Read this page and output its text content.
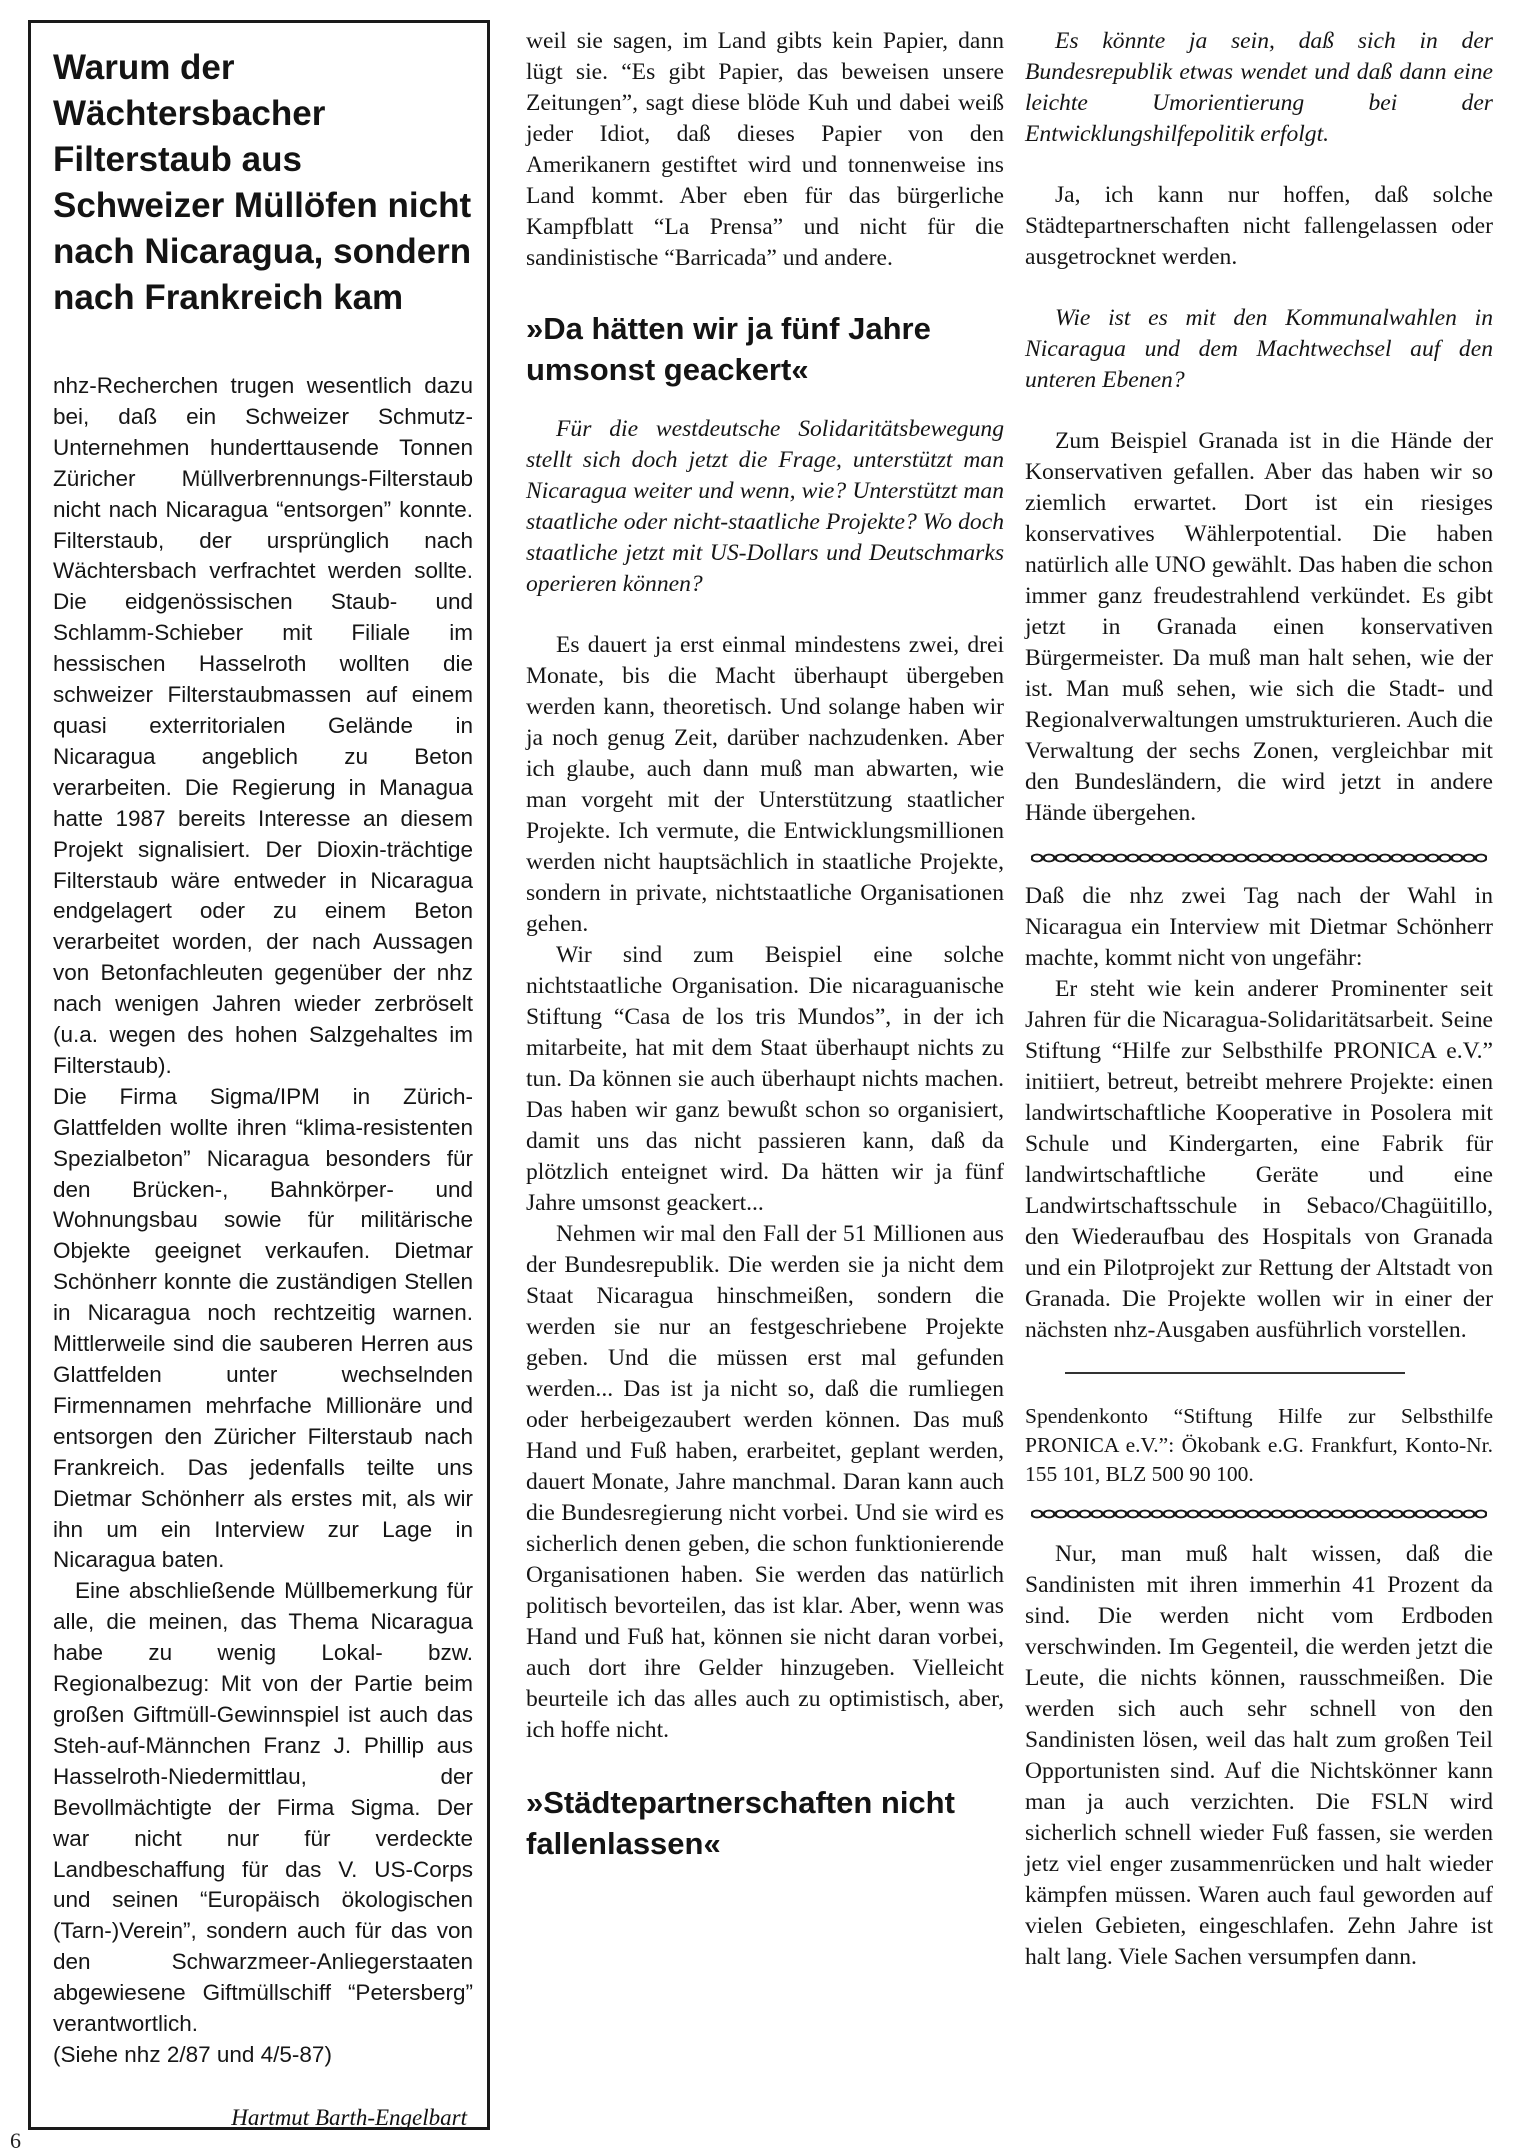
Warum der Wächtersbacher Filterstaub aus Schweizer Müllöfen nicht nach Nicaragua, sondern nach Frankreich kam

nhz-Recherchen trugen wesentlich dazu bei, daß ein Schweizer Schmutz-Unternehmen hunderttausende Tonnen Züricher Müllverbrennungs-Filterstaub nicht nach Nicaragua “entsorgen” konnte. Filterstaub, der ursprünglich nach Wächtersbach verfrachtet werden sollte. Die eidgenössischen Staub- und Schlamm-Schieber mit Filiale im hessischen Hasselroth wollten die schweizer Filterstaubmassen auf einem quasi exterritorialen Gelände in Nicaragua angeblich zu Beton verarbeiten. Die Regierung in Managua hatte 1987 bereits Interesse an diesem Projekt signalisiert. Der Dioxin-trächtige Filterstaub wäre entweder in Nicaragua endgelagert oder zu einem Beton verarbeitet worden, der nach Aussagen von Betonfachleuten gegenüber der nhz nach wenigen Jahren wieder zerbröselt (u.a. wegen des hohen Salzgehaltes im Filterstaub).

Die Firma Sigma/IPM in Zürich-Glattfelden wollte ihren “klima-resistenten Spezialbeton” Nicaragua besonders für den Brücken-, Bahnkörper- und Wohnungsbau sowie für militärische Objekte geeignet verkaufen. Dietmar Schönherr konnte die zuständigen Stellen in Nicaragua noch rechtzeitig warnen. Mittlerweile sind die sauberen Herren aus Glattfelden unter wechselnden Firmennamen mehrfache Millionäre und entsorgen den Züricher Filterstaub nach Frankreich. Das jedenfalls teilte uns Dietmar Schönherr als erstes mit, als wir ihn um ein Interview zur Lage in Nicaragua baten.

Eine abschließende Müllbemerkung für alle, die meinen, das Thema Nicaragua habe zu wenig Lokal- bzw. Regionalbezug: Mit von der Partie beim großen Giftmüll-Gewinnspiel ist auch das Steh-auf-Männchen Franz J. Phillip aus Hasselroth-Niedermittlau, der Bevollmächtigte der Firma Sigma. Der war nicht nur für verdeckte Landbeschaffung für das V. US-Corps und seinen “Europäisch ökologischen (Tarn-)Verein”, sondern auch für das von den Schwarzmeer-Anliegerstaaten abgewiesene Giftmüllschiff “Petersberg” verantwortlich.

(Siehe nhz 2/87 und 4/5-87)

Hartmut Barth-Engelbart

weil sie sagen, im Land gibts kein Papier, dann lügt sie. “Es gibt Papier, das beweisen unsere Zeitungen”, sagt diese blöde Kuh und dabei weiß jeder Idiot, daß dieses Papier von den Amerikanern gestiftet wird und tonnenweise ins Land kommt. Aber eben für das bürgerliche Kampfblatt “La Prensa” und nicht für die sandinistische “Barricada” und andere.

»Da hätten wir ja fünf Jahre umsonst geackert«

Für die westdeutsche Solidaritätsbewegung stellt sich doch jetzt die Frage, unterstützt man Nicaragua weiter und wenn, wie? Unterstützt man staatliche oder nicht-staatliche Projekte? Wo doch staatliche jetzt mit US-Dollars und Deutschmarks operieren können?

Es dauert ja erst einmal mindestens zwei, drei Monate, bis die Macht überhaupt übergeben werden kann, theoretisch. Und solange haben wir ja noch genug Zeit, darüber nachzudenken. Aber ich glaube, auch dann muß man abwarten, wie man vorgeht mit der Unterstützung staatlicher Projekte. Ich vermute, die Entwicklungsmillionen werden nicht hauptsächlich in staatliche Projekte, sondern in private, nichtstaatliche Organisationen gehen.

Wir sind zum Beispiel eine solche nichtstaatliche Organisation. Die nicaraguanische Stiftung “Casa de los tris Mundos”, in der ich mitarbeite, hat mit dem Staat überhaupt nichts zu tun. Da können sie auch überhaupt nichts machen. Das haben wir ganz bewußt schon so organisiert, damit uns das nicht passieren kann, daß da plötzlich enteignet wird. Da hätten wir ja fünf Jahre umsonst geackert...

Nehmen wir mal den Fall der 51 Millionen aus der Bundesrepublik. Die werden sie ja nicht dem Staat Nicaragua hinschmeißen, sondern die werden sie nur an festgeschriebene Projekte geben. Und die müssen erst mal gefunden werden... Das ist ja nicht so, daß die rumliegen oder herbeigezaubert werden können. Das muß Hand und Fuß haben, erarbeitet, geplant werden, dauert Monate, Jahre manchmal. Daran kann auch die Bundesregierung nicht vorbei. Und sie wird es sicherlich denen geben, die schon funktionierende Organisationen haben. Sie werden das natürlich politisch bevorteilen, das ist klar. Aber, wenn was Hand und Fuß hat, können sie nicht daran vorbei, auch dort ihre Gelder hinzugeben. Vielleicht beurteile ich das alles auch zu optimistisch, aber, ich hoffe nicht.

»Städtepartnerschaften nicht fallenlassen«

Es könnte ja sein, daß sich in der Bundesrepublik etwas wendet und daß dann eine leichte Umorientierung bei der Entwicklungshilfepolitik erfolgt.

Ja, ich kann nur hoffen, daß solche Städtepartnerschaften nicht fallengelassen oder ausgetrocknet werden.

Wie ist es mit den Kommunalwahlen in Nicaragua und dem Machtwechsel auf den unteren Ebenen?

Zum Beispiel Granada ist in die Hände der Konservativen gefallen. Aber das haben wir so ziemlich erwartet. Dort ist ein riesiges konservatives Wählerpotential. Die haben natürlich alle UNO gewählt. Das haben die schon immer ganz freudestrahlend verkündet. Es gibt jetzt in Granada einen konservativen Bürgermeister. Da muß man halt sehen, wie der ist. Man muß sehen, wie sich die Stadt- und Regionalverwaltungen umstrukturieren. Auch die Verwaltung der sechs Zonen, vergleichbar mit den Bundesländern, die wird jetzt in andere Hände übergehen.

Daß die nhz zwei Tag nach der Wahl in Nicaragua ein Interview mit Dietmar Schönherr machte, kommt nicht von ungefähr:

Er steht wie kein anderer Prominenter seit Jahren für die Nicaragua-Solidaritätsarbeit. Seine Stiftung “Hilfe zur Selbsthilfe PRONICA e.V.” initiiert, betreut, betreibt mehrere Projekte: einen landwirtschaftliche Kooperative in Posolera mit Schule und Kindergarten, eine Fabrik für landwirtschaftliche Geräte und eine Landwirtschaftsschule in Sebaco/Chagüitillo, den Wiederaufbau des Hospitals von Granada und ein Pilotprojekt zur Rettung der Altstadt von Granada. Die Projekte wollen wir in einer der nächsten nhz-Ausgaben ausführlich vorstellen.

Spendenkonto “Stiftung Hilfe zur Selbsthilfe PRONICA e.V.”: Ökobank e.G. Frankfurt, Konto-Nr. 155 101, BLZ 500 90 100.

Nur, man muß halt wissen, daß die Sandinisten mit ihren immerhin 41 Prozent da sind. Die werden nicht vom Erdboden verschwinden. Im Gegenteil, die werden jetzt die Leute, die nichts können, rausschmeißen. Die werden sich auch sehr schnell von den Sandinisten lösen, weil das halt zum großen Teil Opportunisten sind. Auf die Nichtskönner kann man ja auch verzichten. Die FSLN wird sicherlich schnell wieder Fuß fassen, sie werden jetz viel enger zusammenrücken und halt wieder kämpfen müssen. Waren auch faul geworden auf vielen Gebieten, eingeschlafen. Zehn Jahre ist halt lang. Viele Sachen versumpfen dann.

6
